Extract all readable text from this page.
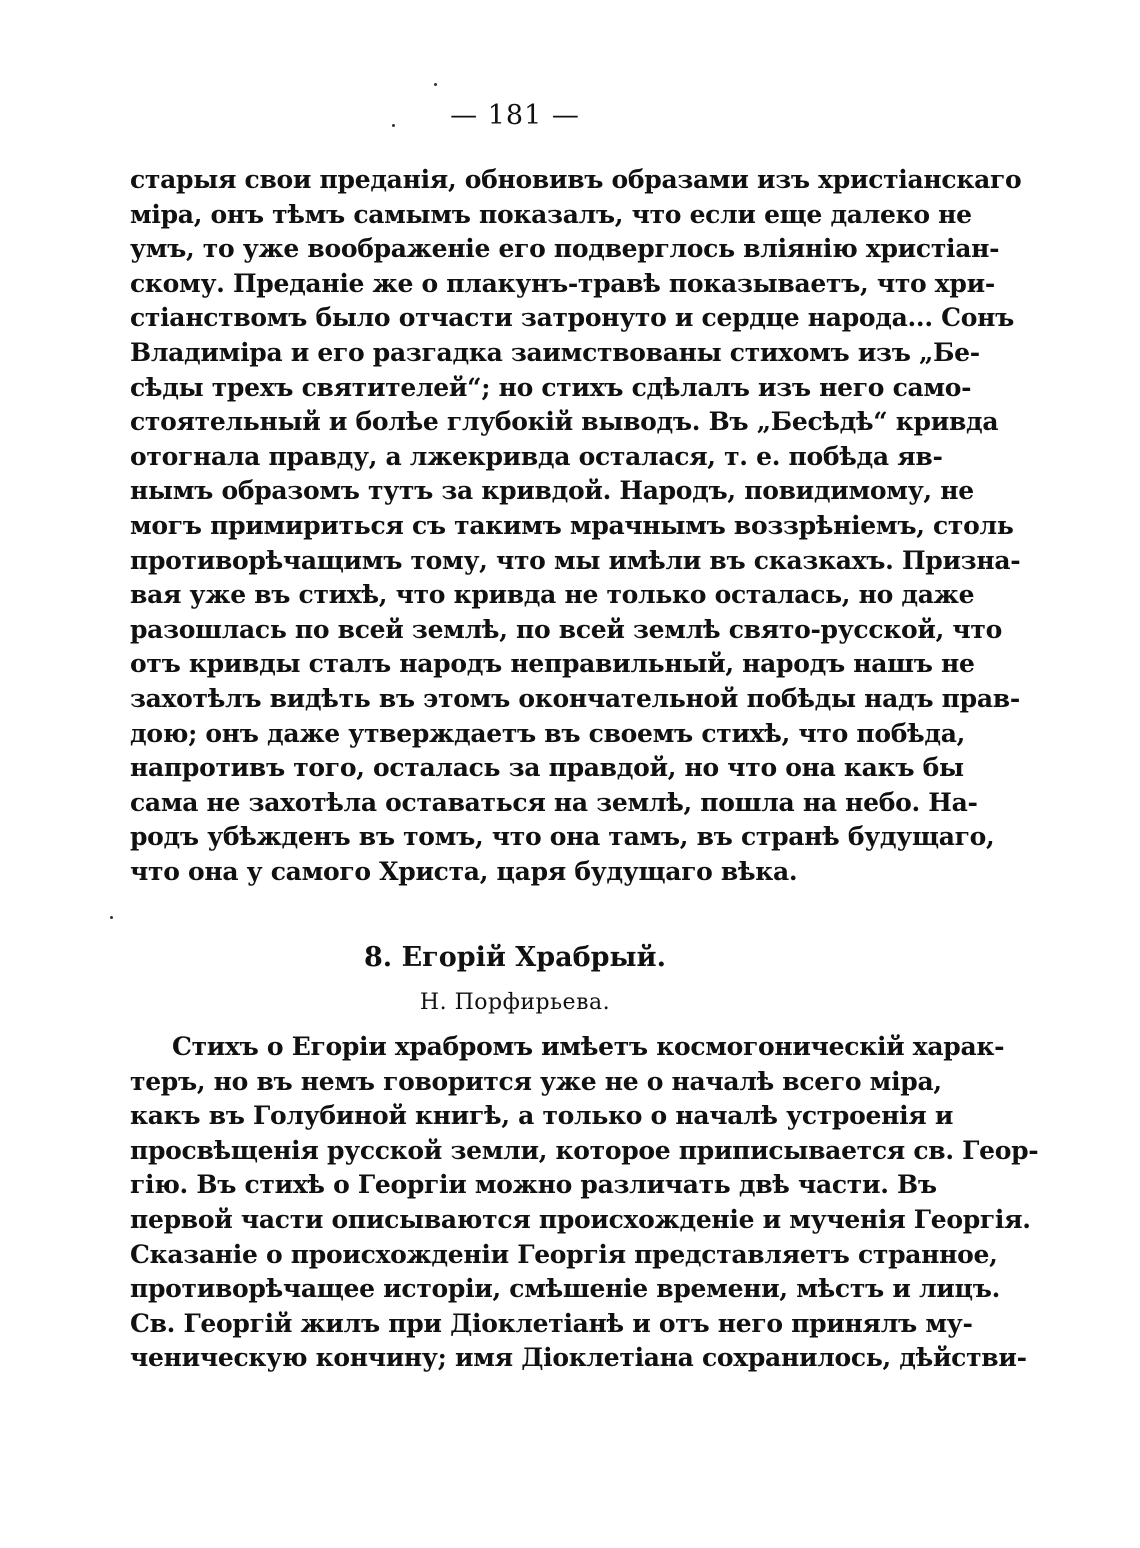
— 181 —
старыя свои преданія, обновивъ образами изъ христіанскаго
міра, онъ тѣмъ самымъ показалъ, что если еще далеко не
умъ, то уже воображеніе его подверглось вліянію христіан-
скому. Преданіе же о плакунъ-травѣ показываетъ, что хри-
стіанствомъ было отчасти затронуто и сердце народа... Сонъ
Владиміра и его разгадка заимствованы стихомъ изъ „Бе-
сѣды трехъ святителей“; но стихъ сдѣлалъ изъ него само-
стоятельный и болѣе глубокій выводъ. Въ „Бесѣдѣ“ кривда
отогнала правду, а лжекривда осталася, т. е. побѣда яв-
нымъ образомъ тутъ за кривдой. Народъ, повидимому, не
могъ примириться съ такимъ мрачнымъ воззрѣніемъ, столь
противорѣчащимъ тому, что мы имѣли въ сказкахъ. Призна-
вая уже въ стихѣ, что кривда не только осталась, но даже
разошлась по всей землѣ, по всей землѣ свято-русской, что
отъ кривды сталъ народъ неправильный, народъ нашъ не
захотѣлъ видѣть въ этомъ окончательной побѣды надъ прав-
дою; онъ даже утверждаетъ въ своемъ стихѣ, что побѣда,
напротивъ того, осталась за правдой, но что она какъ бы
сама не захотѣла оставаться на землѣ, пошла на небо. На-
родъ убѣжденъ въ томъ, что она тамъ, въ странѣ будущаго,
что она у самого Христа, царя будущаго вѣка.
8. Егорій Храбрый.
Н. Порфирьева.
Стихъ о Егоріи храбромъ имѣетъ космогоническій харак-
теръ, но въ немъ говорится уже не о началѣ всего міра,
какъ въ Голубиной книгѣ, а только о началѣ устроенія и
просвѣщенія русской земли, которое приписывается св. Геор-
гію. Въ стихѣ о Георгіи можно различать двѣ части. Въ
первой части описываются происхожденіе и мученія Георгія.
Сказаніе о происхожденіи Георгія представляетъ странное,
противорѣчащее исторіи, смѣшеніе времени, мѣстъ и лицъ.
Св. Георгій жилъ при Діоклетіанѣ и отъ него принялъ му-
ченическую кончину; имя Діоклетіана сохранилось, дѣйстви-
